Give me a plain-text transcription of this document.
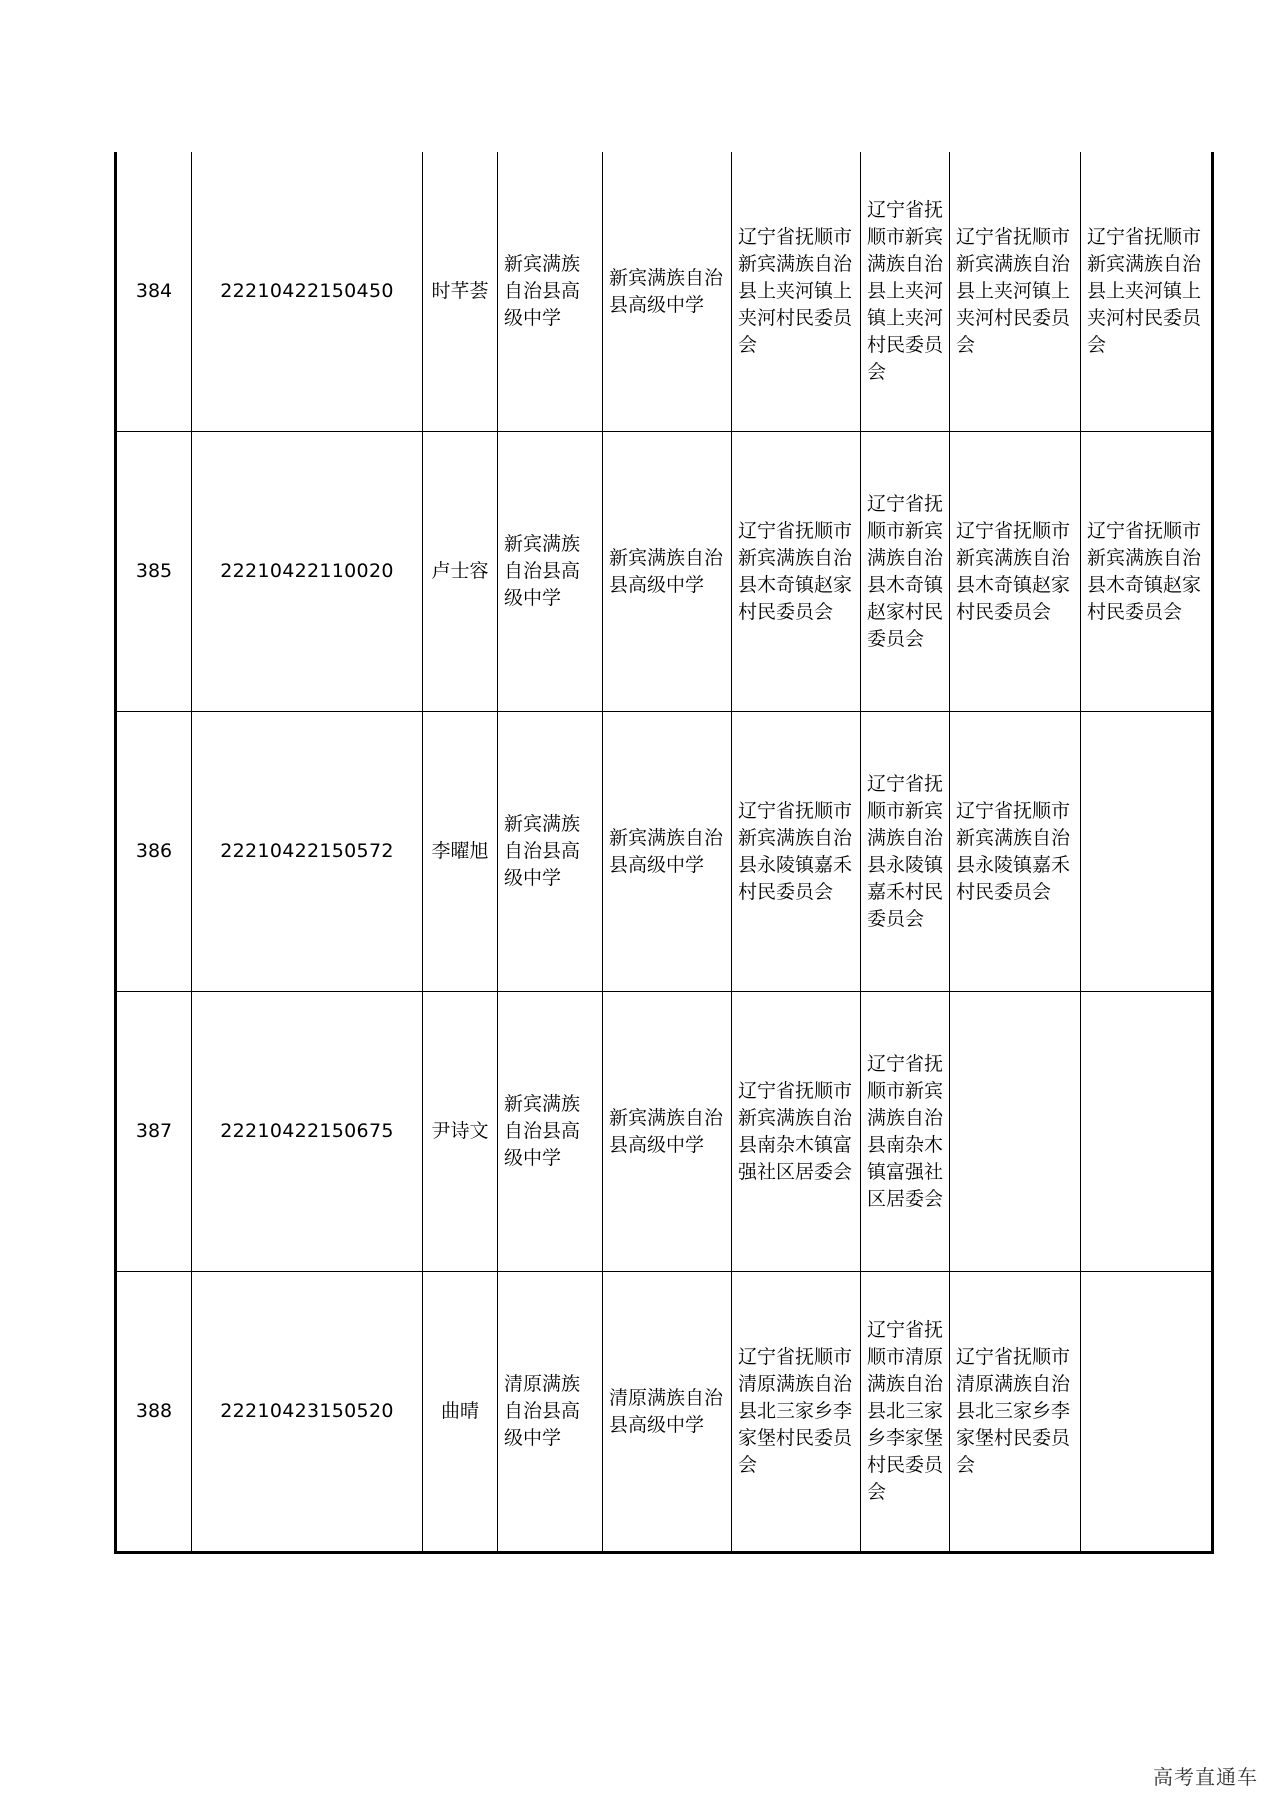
384	22210422150450	时芊荟	新宾满族自治县高级中学	新宾满族自治县高级中学	辽宁省抚顺市新宾满族自治县上夹河镇上夹河村民委员会	辽宁省抚顺市新宾满族自治县上夹河镇上夹河村民委员会	辽宁省抚顺市新宾满族自治县上夹河镇上夹河村民委员会	辽宁省抚顺市新宾满族自治县上夹河镇上夹河村民委员会
385	22210422110020	卢士容	新宾满族自治县高级中学	新宾满族自治县高级中学	辽宁省抚顺市新宾满族自治县木奇镇赵家村民委员会	辽宁省抚顺市新宾满族自治县木奇镇赵家村民委员会	辽宁省抚顺市新宾满族自治县木奇镇赵家村民委员会	辽宁省抚顺市新宾满族自治县木奇镇赵家村民委员会
386	22210422150572	李曜旭	新宾满族自治县高级中学	新宾满族自治县高级中学	辽宁省抚顺市新宾满族自治县永陵镇嘉禾村民委员会	辽宁省抚顺市新宾满族自治县永陵镇嘉禾村民委员会	辽宁省抚顺市新宾满族自治县永陵镇嘉禾村民委员会	
387	22210422150675	尹诗文	新宾满族自治县高级中学	新宾满族自治县高级中学	辽宁省抚顺市新宾满族自治县南杂木镇富强社区居委会	辽宁省抚顺市新宾满族自治县南杂木镇富强社区居委会		
388	22210423150520	曲晴	清原满族自治县高级中学	清原满族自治县高级中学	辽宁省抚顺市清原满族自治县北三家乡李家堡村民委员会	辽宁省抚顺市清原满族自治县北三家乡李家堡村民委员会	辽宁省抚顺市清原满族自治县北三家乡李家堡村民委员会	
高考直通车
